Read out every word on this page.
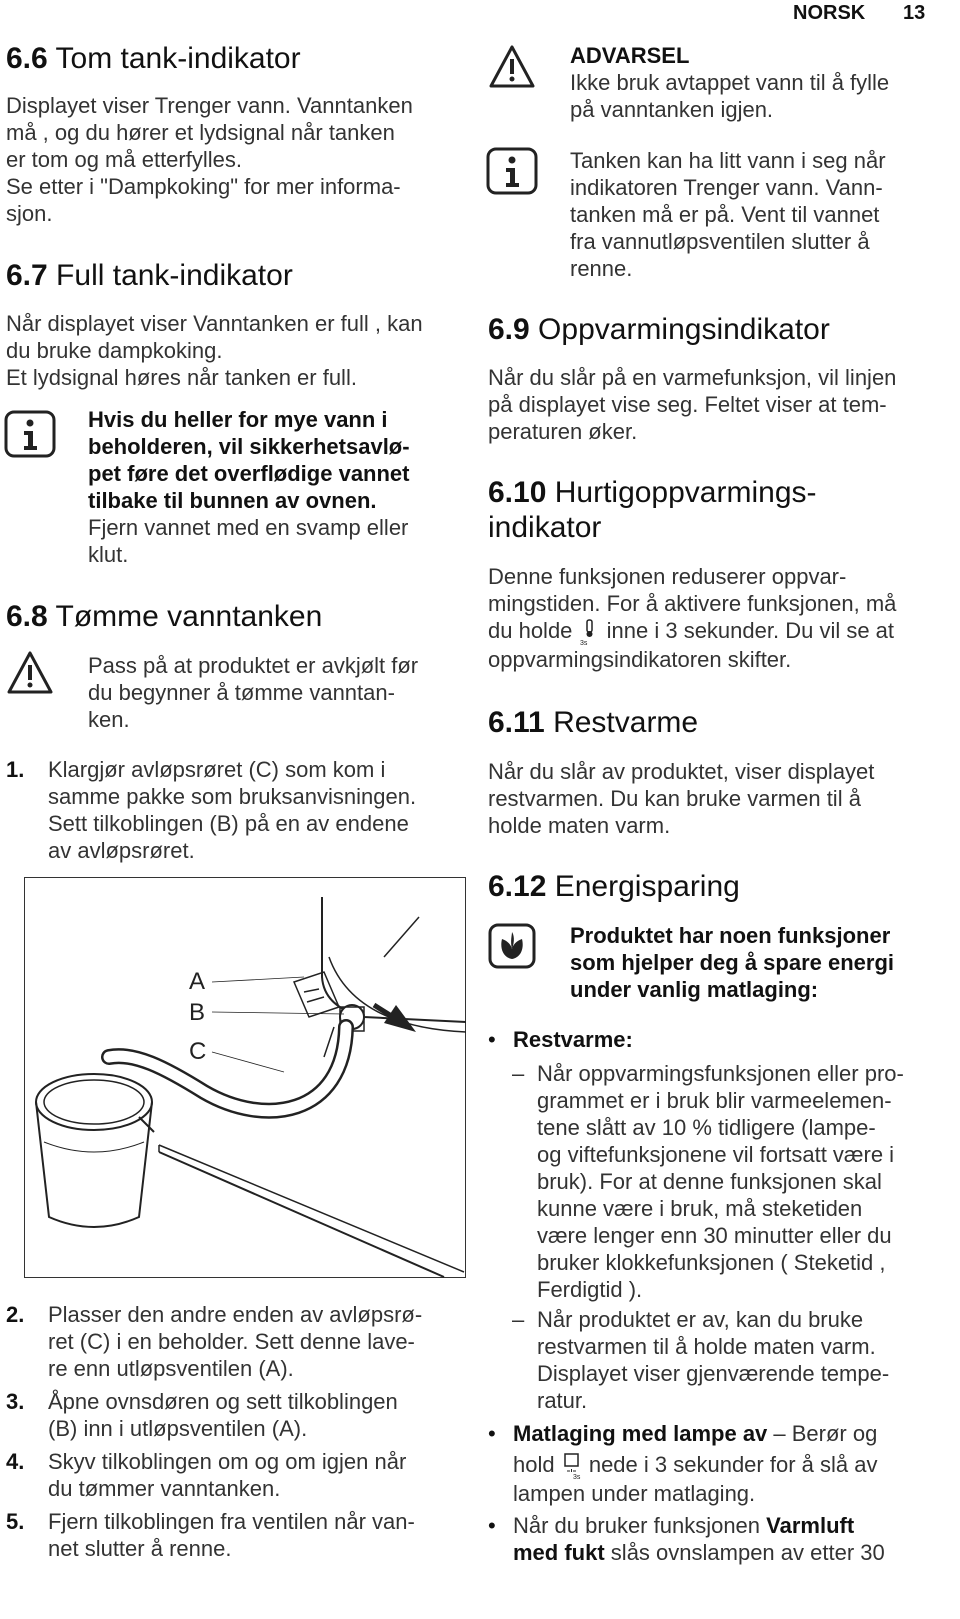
NORSK 13
6.6 Tom tank-indikator
Displayet viser Trenger vann. Vanntanken
må , og du hører et lydsignal når tanken
er tom og må etterfylles.
Se etter i "Dampkoking" for mer informa-
sjon.
6.7 Full tank-indikator
Når displayet viser Vanntanken er full , kan
du bruke dampkoking.
Et lydsignal høres når tanken er full.
Hvis du heller for mye vann i
beholderen, vil sikkerhetsavlø-
pet føre det overflødige vannet
tilbake til bunnen av ovnen.
Fjern vannet med en svamp eller
klut.
6.8 Tømme vanntanken
Pass på at produktet er avkjølt før
du begynner å tømme vanntan-
ken.
1. Klargjør avløpsrøret (C) som kom i
samme pakke som bruksanvisningen.
Sett tilkoblingen (B) på en av endene
av avløpsrøret.
A
B
C
2. Plasser den andre enden av avløpsrø-
ret (C) i en beholder. Sett denne lave-
re enn utløpsventilen (A).
3. Åpne ovnsdøren og sett tilkoblingen
(B) inn i utløpsventilen (A).
4. Skyv tilkoblingen om og om igjen når
du tømmer vanntanken.
5. Fjern tilkoblingen fra ventilen når van-
net slutter å renne.
ADVARSEL
Ikke bruk avtappet vann til å fylle
på vanntanken igjen.
Tanken kan ha litt vann i seg når
indikatoren Trenger vann. Vann-
tanken må er på. Vent til vannet
fra vannutløpsventilen slutter å
renne.
6.9 Oppvarmingsindikator
Når du slår på en varmefunksjon, vil linjen
på displayet vise seg. Feltet viser at tem-
peraturen øker.
6.10 Hurtigoppvarmings-
indikator
Denne funksjonen reduserer oppvar-
mingstiden. For å aktivere funksjonen, må
du holde
3s
inne i 3 sekunder. Du vil se at
oppvarmingsindikatoren skifter.
6.11 Restvarme
Når du slår av produktet, viser displayet
restvarmen. Du kan bruke varmen til å
holde maten varm.
6.12 Energisparing
Produktet har noen funksjoner
som hjelper deg å spare energi
under vanlig matlaging:
• Restvarme:
– Når oppvarmingsfunksjonen eller pro-
grammet er i bruk blir varmeelemen-
tene slått av 10 % tidligere (lampe-
og viftefunksjonene vil fortsatt være i
bruk). For at denne funksjonen skal
kunne være i bruk, må steketiden
være lenger enn 30 minutter eller du
bruker klokkefunksjonen ( Steketid ,
Ferdigtid ).
– Når produktet er av, kan du bruke
restvarmen til å holde maten varm.
Displayet viser gjenværende tempe-
ratur.
• Matlaging med lampe av – Berør og
hold
3s
nede i 3 sekunder for å slå av
lampen under matlaging.
• Når du bruker funksjonen Varmluft
med fukt slås ovnslampen av etter 30
